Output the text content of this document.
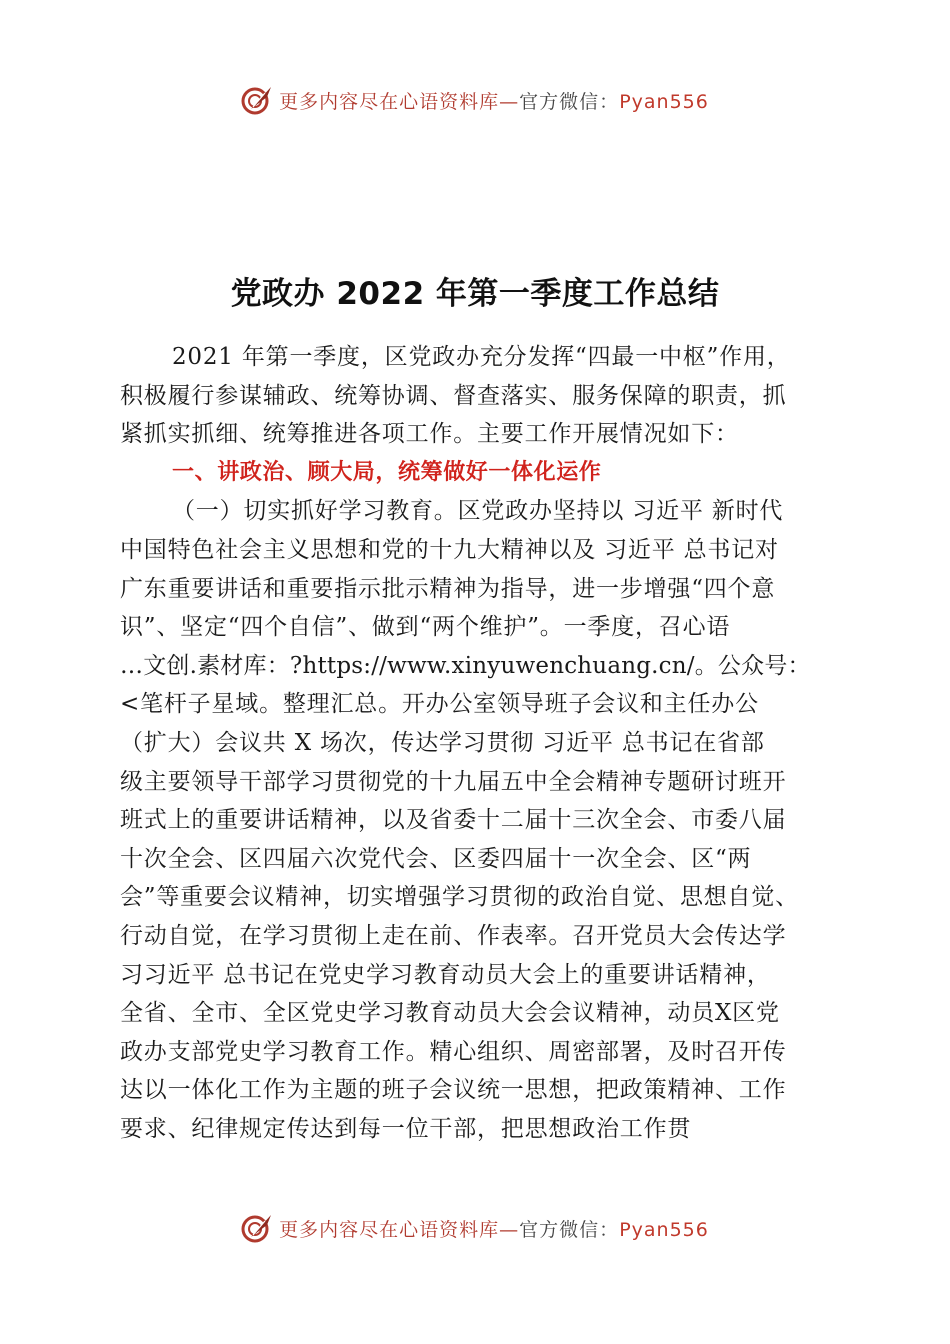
更多内容尽在心语资料库—官方微信：Pyan556
党政办 2022 年第一季度工作总结
2021 年第一季度，区党政办充分发挥“四最一中枢”作用，
积极履行参谋辅政、统筹协调、督查落实、服务保障的职责，抓
紧抓实抓细、统筹推进各项工作。主要工作开展情况如下：
一、讲政治、顾大局，统筹做好一体化运作
（一）切实抓好学习教育。区党政办坚持以 习近平 新时代
中国特色社会主义思想和党的十九大精神以及 习近平 总书记对
广东重要讲话和重要指示批示精神为指导，进一步增强“四个意
识”、坚定“四个自信”、做到“两个维护”。一季度，召心语
…文创.素材库：?https://www.xinyuwenchuang.cn/。公众号：
<笔杆子星域。整理汇总。开办公室领导班子会议和主任办公
（扩大）会议共 X 场次，传达学习贯彻 习近平 总书记在省部
级主要领导干部学习贯彻党的十九届五中全会精神专题研讨班开
班式上的重要讲话精神，以及省委十二届十三次全会、市委八届
十次全会、区四届六次党代会、区委四届十一次全会、区“两
会”等重要会议精神，切实增强学习贯彻的政治自觉、思想自觉、
行动自觉，在学习贯彻上走在前、作表率。召开党员大会传达学
习习近平 总书记在党史学习教育动员大会上的重要讲话精神，
全省、全市、全区党史学习教育动员大会会议精神，动员X区党
政办支部党史学习教育工作。精心组织、周密部署，及时召开传
达以一体化工作为主题的班子会议统一思想，把政策精神、工作
要求、纪律规定传达到每一位干部，把思想政治工作贯
更多内容尽在心语资料库—官方微信：Pyan556
